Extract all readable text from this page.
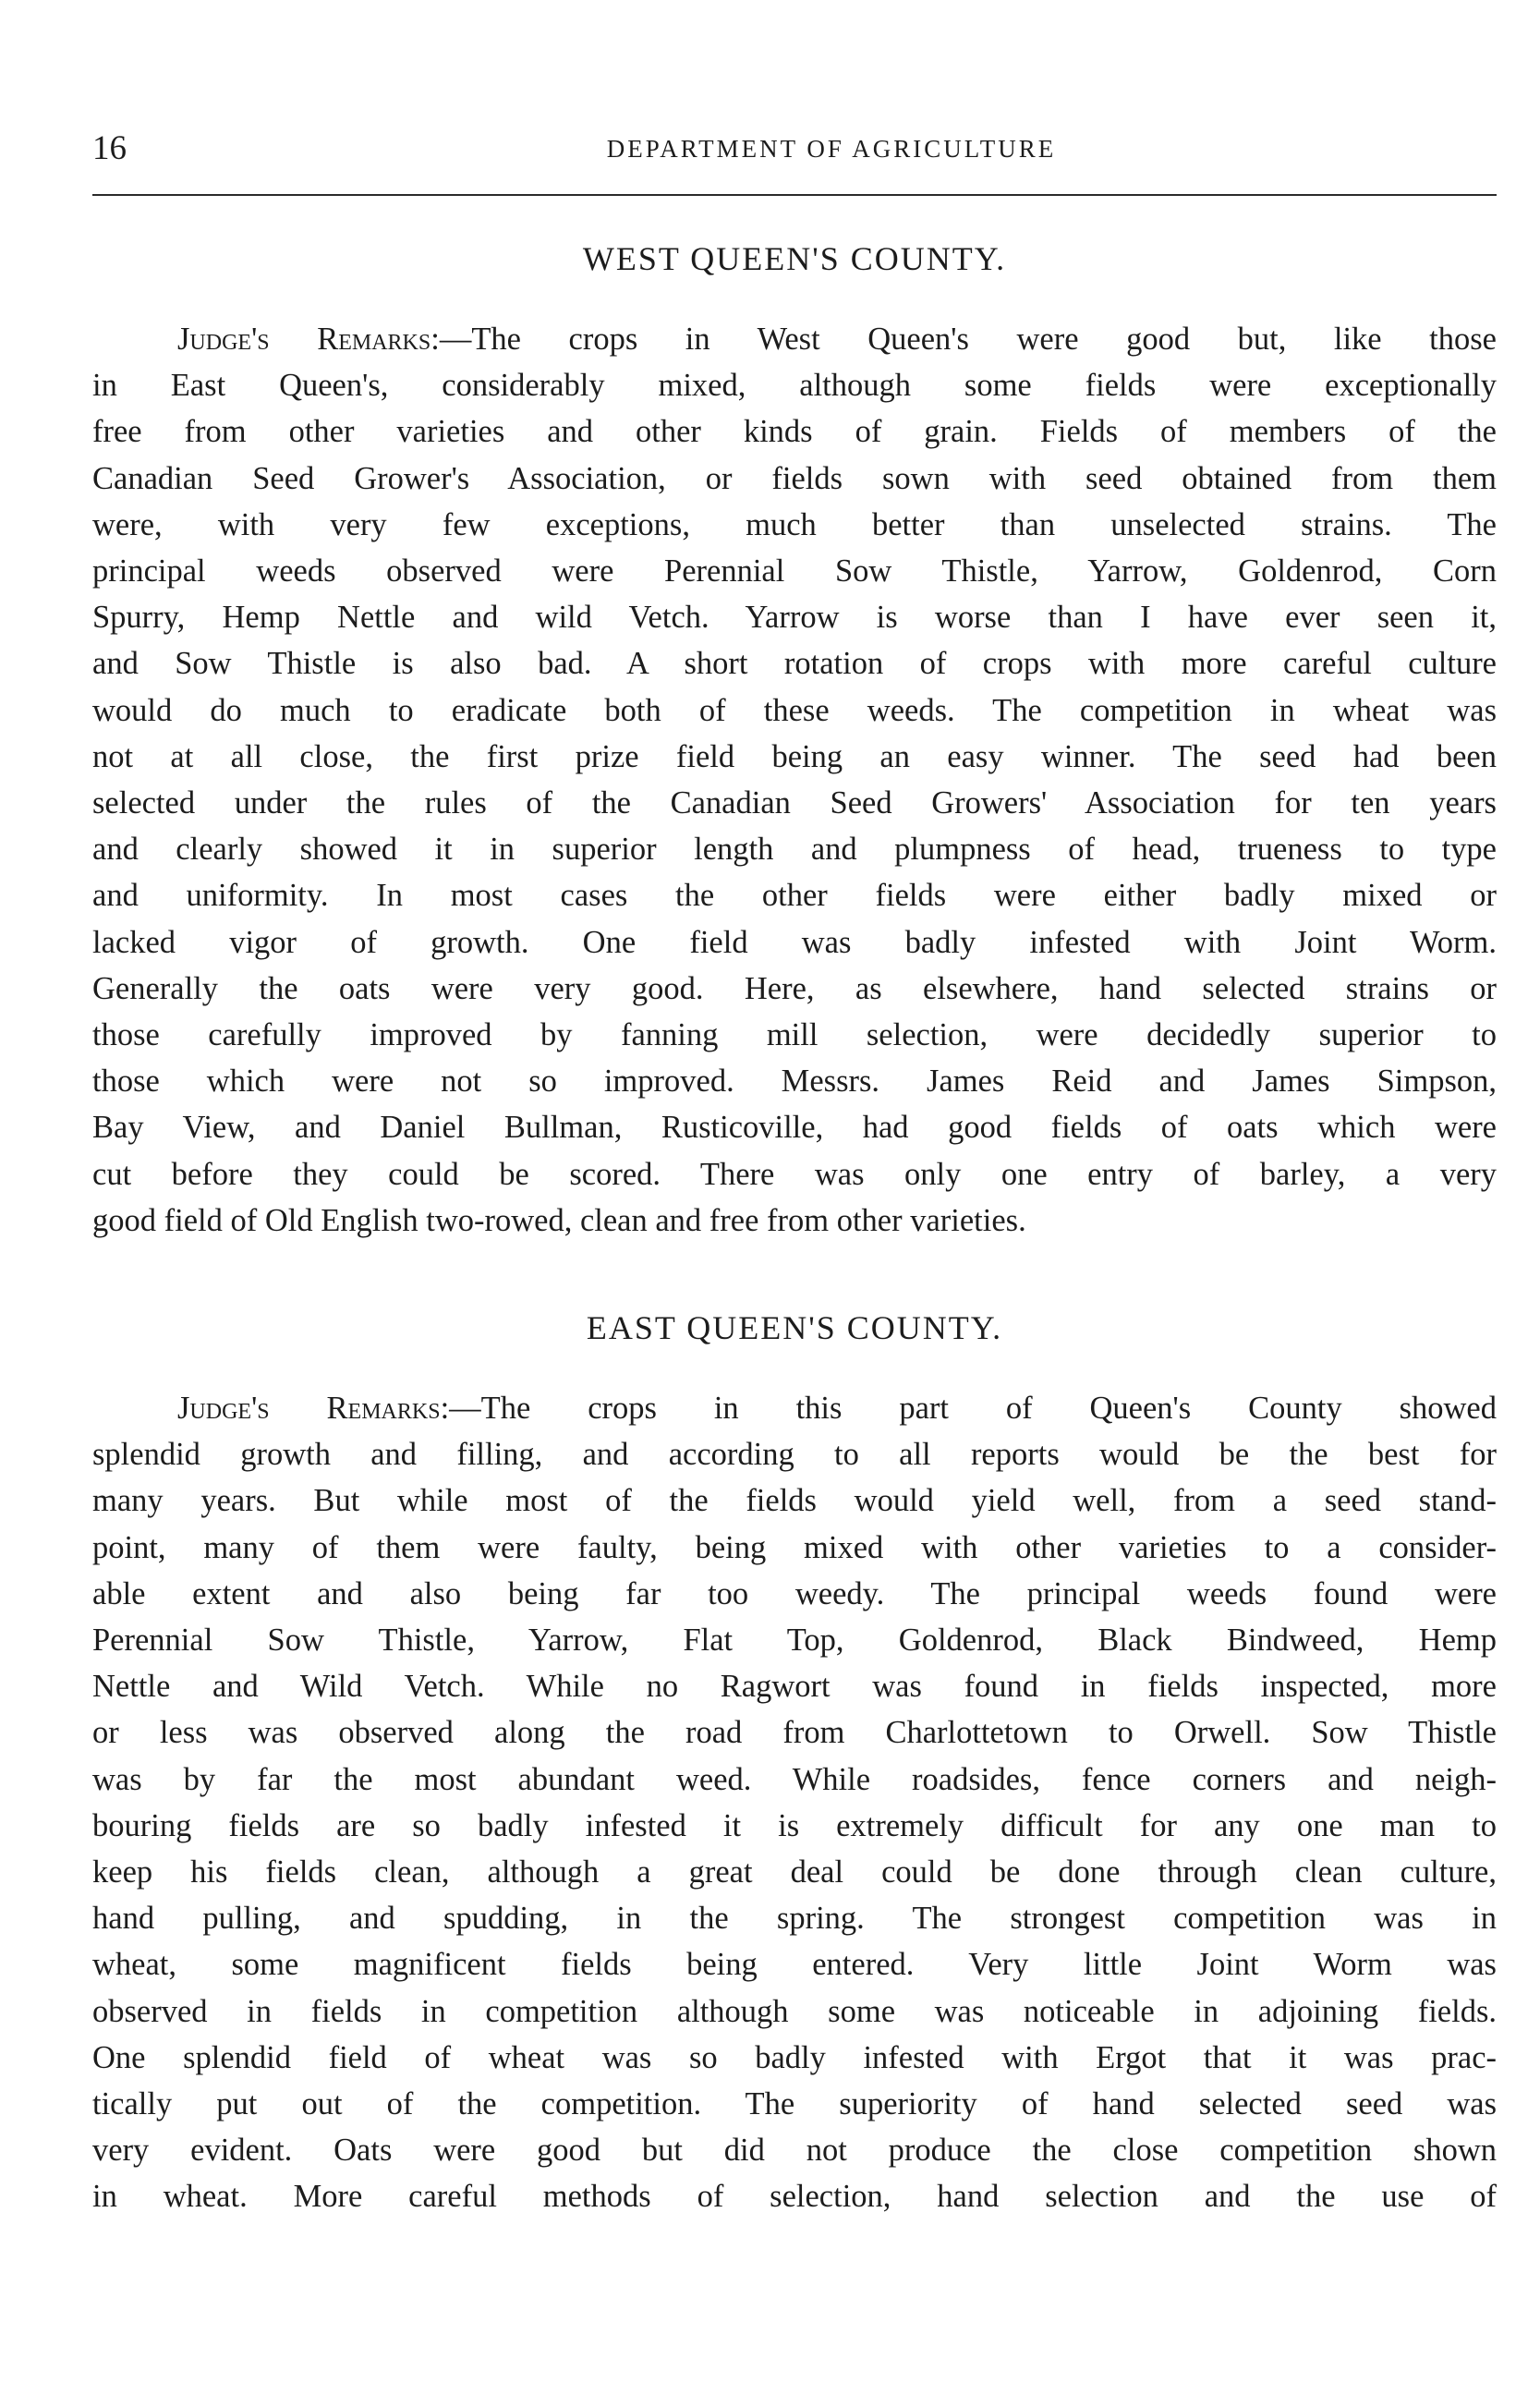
16	DEPARTMENT OF AGRICULTURE
WEST QUEEN'S COUNTY.
Judge's Remarks:—The crops in West Queen's were good but, like those
in East Queen's, considerably mixed, although some fields were exceptionally
free from other varieties and other kinds of grain. Fields of members of the
Canadian Seed Grower's Association, or fields sown with seed obtained from them
were, with very few exceptions, much better than unselected strains. The
principal weeds observed were Perennial Sow Thistle, Yarrow, Goldenrod, Corn
Spurry, Hemp Nettle and wild Vetch. Yarrow is worse than I have ever seen it,
and Sow Thistle is also bad. A short rotation of crops with more careful culture
would do much to eradicate both of these weeds. The competition in wheat was
not at all close, the first prize field being an easy winner. The seed had been
selected under the rules of the Canadian Seed Growers' Association for ten years
and clearly showed it in superior length and plumpness of head, trueness to type
and uniformity. In most cases the other fields were either badly mixed or
lacked vigor of growth. One field was badly infested with Joint Worm.
Generally the oats were very good. Here, as elsewhere, hand selected strains or
those carefully improved by fanning mill selection, were decidedly superior to
those which were not so improved. Messrs. James Reid and James Simpson,
Bay View, and Daniel Bullman, Rusticoville, had good fields of oats which were
cut before they could be scored. There was only one entry of barley, a very
good field of Old English two-rowed, clean and free from other varieties.
EAST QUEEN'S COUNTY.
Judge's Remarks:—The crops in this part of Queen's County showed
splendid growth and filling, and according to all reports would be the best for
many years. But while most of the fields would yield well, from a seed stand-
point, many of them were faulty, being mixed with other varieties to a consider-
able extent and also being far too weedy. The principal weeds found were
Perennial Sow Thistle, Yarrow, Flat Top, Goldenrod, Black Bindweed, Hemp
Nettle and Wild Vetch. While no Ragwort was found in fields inspected, more
or less was observed along the road from Charlottetown to Orwell. Sow Thistle
was by far the most abundant weed. While roadsides, fence corners and neigh-
bouring fields are so badly infested it is extremely difficult for any one man to
keep his fields clean, although a great deal could be done through clean culture,
hand pulling, and spudding, in the spring. The strongest competition was in
wheat, some magnificent fields being entered. Very little Joint Worm was
observed in fields in competition although some was noticeable in adjoining fields.
One splendid field of wheat was so badly infested with Ergot that it was prac-
tically put out of the competition. The superiority of hand selected seed was
very evident. Oats were good but did not produce the close competition shown
in wheat. More careful methods of selection, hand selection and the use of
